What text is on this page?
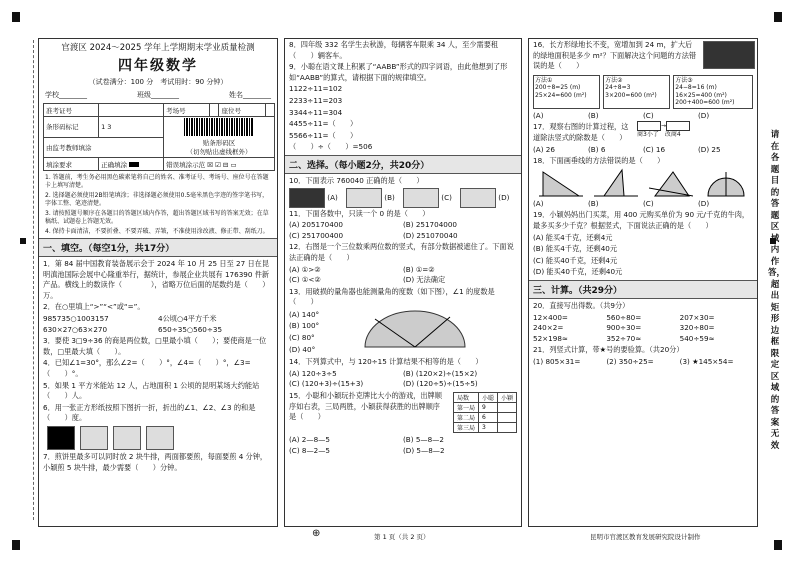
官渡区 2024～2025 学年上学期期末学业质量检测
四年级数学
（试卷满分：100 分　考试用时：90 分钟）
学校________	班级________	姓名________
准考证号		考场号		座位号	
条形码标记	1 3	贴条形码区
（切勿贴出虚线框外）			

由监考教师填涂					
填涂要求	正确填涂	错误填涂示范 ☒ ☑ ⊟ ▭			
1. 答题前，考生务必用黑色碳素笔将自己的姓名、准考证号、考场号、座位号在答题卡上填写清楚。
2. 选择题必须使用2B铅笔填涂；非选择题必须使用0.5毫米黑色字迹的签字笔书写，字体工整、笔迹清楚。
3. 请按照题号顺序在各题目的答题区域内作答，超出答题区域书写的答案无效；在草稿纸、试题卷上答题无效。
4. 保持卡面清洁，不要折叠、不要弄破、弄皱，不准使用涂改液、修正带、刮纸刀。
一、填空。（每空1分，共17分）
1．第 84 届中国教育装备展示会于 2024 年 10 月 25 日至 27 日在昆明滇池国际会展中心隆重举行，据统计，参展企业共展有 176390 件新产品。横线上的数读作（　　　　），省略万位后面的尾数约是（　　）万。
2．在○里填上“>”“<”或“=”。
985735○1003157	4公顷○4平方千米
630×27○63×270	650÷35○560÷35
3．要使 3□9÷36 的商是两位数，□里最小填（　　）；要使商是一位数，□里最大填（　　）。
4．已知∠1=30°，那么∠2=（　　）°，∠4=（　　）°，∠3=（　　）°。
5．如果 1 平方米能站 12 人，占地面积 1 公顷的昆明某场大约能站（　　）人。
6．用一张正方形纸按照下图折一折，折出的∠1、∠2、∠3 的和是（　　）度。

7．煎饼里最多可以同时放 2 块牛排，两面都要煎，每面要煎 4 分钟，小颖煎 5 块牛排，最少需要（　　）分钟。
8．四年级 332 名学生去秋游，每辆客车限乘 34 人，至少需要租（　　）辆客车。
9．小聪在语文课上积累了“AABB”形式的四字词语，由此他想到了形如“AABB”的算式，请根据下面的规律填空。
1122÷11=102
2233÷11=203
3344÷11=304
4455÷11=（　　）
5566÷11=（　　）
（　　）÷（　　）=506
二、选择。（每小题2分，共20分）
10．下面表示 760040 正确的是（　　）
(A)	(B)	(C)	(D)
11．下面各数中，只读一个 0 的是（　　）
(A) 205170400	(B) 251704000
(C) 251700400	(D) 251070040
12．右图是一个三位数乘两位数的竖式，有部分数据被遮住了。下面说法正确的是（　　）
(A) ①>②	(B) ①=②
(C) ①<②	(D) 无法确定
13．用破损的量角器也能测量角的度数（如下图），∠1 的度数是（　　）
(A) 140°
(B) 100°
(C) 80°
(D) 40°
14．下列算式中，与 120÷15 计算结果不相等的是（　　）
(A) 120÷3÷5	(B) (120×2)÷(15×2)
(C) (120+3)÷(15+3)	(D) (120÷5)÷(15÷5)
15．小聪和小颖玩扑克牌比大小的游戏，出牌顺序如右表，三局两胜，小颖获得获胜的出牌顺序是（　　）
局数	小聪	小颖
第一局	9	
第二局	6	
第三局	3	
(A) 2—8—5	(B) 5—8—2
(C) 8—2—5	(D) 5—8—2
16．长方形绿地长不变，宽增加到 24 m，扩大后的绿地面积是多少 m²？下面解决这个问题的方法错误的是（　　）
方法①
200÷8=25 (m)
25×24=600 (m²)
方法②
24÷8=3
3×200=600 (m²)
方法③
24−8=16 (m)
16×25=400 (m²)
200+400=600 (m²)
(A)	(B)	(C)	(D)
17．观察右图的计算过程，这道除法竖式的除数是（　　）
→
商3小了　 改商4
(A) 26	(B) 6	(C) 16	(D) 25
18．下面画垂线的方法错误的是（　　）
(A)	(B)	(C)	(D)
19．小颖妈妈出门买菜，用 400 元购买单价为 90 元/千克的牛肉，最多买多少千克？根据竖式，下面说法正确的是（　　）
(A) 能买4千克，还剩4元
(B) 能买4千克，还剩40元
(C) 能买40千克，还剩4元
(D) 能买40千克，还剩40元
三、计算。（共29分）
20．直接写出得数。（共9分）
12×400=	560÷80=	207×30=
240×2=	900÷30=	320÷80=
52×198≈	352÷70≈	540÷59≈
21．列竖式计算，带★号的要验算。（共20分）
(1) 805×31=	(2) 350÷25=	(3) ★145×54=
请在各题目的答题区域内作答，超出矩形边框限定区域的答案无效
第 1 页（共 2 页）	昆明市官渡区教育发展研究院设计制作
⊕
